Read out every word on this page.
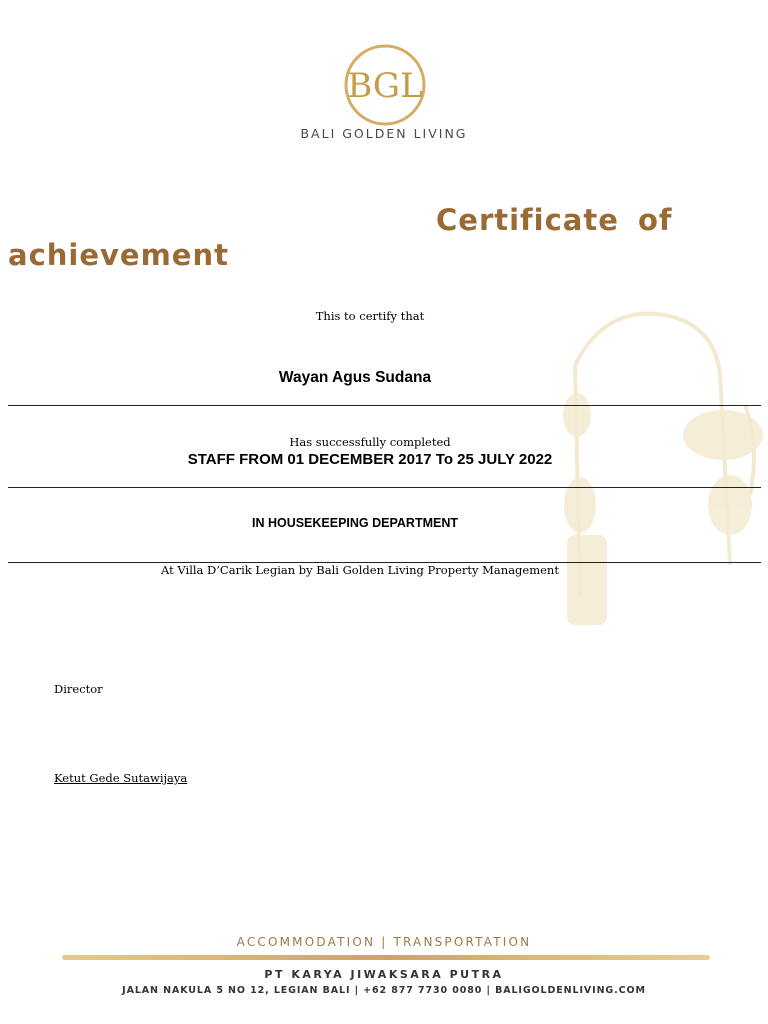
BGL
BALI GOLDEN LIVING
Certificate of
achievement
This to certify that
Wayan Agus Sudana
Has successfully completed
STAFF FROM 01 DECEMBER 2017 To 25 JULY 2022
IN HOUSEKEEPING DEPARTMENT
At Villa D’Carik Legian by Bali Golden Living Property Management
Director
Ketut Gede Sutawijaya
ACCOMMODATION | TRANSPORTATION
PT KARYA JIWAKSARA PUTRA
JALAN NAKULA 5 NO 12, LEGIAN BALI | +62 877 7730 0080 | BALIGOLDENLIVING.COM
